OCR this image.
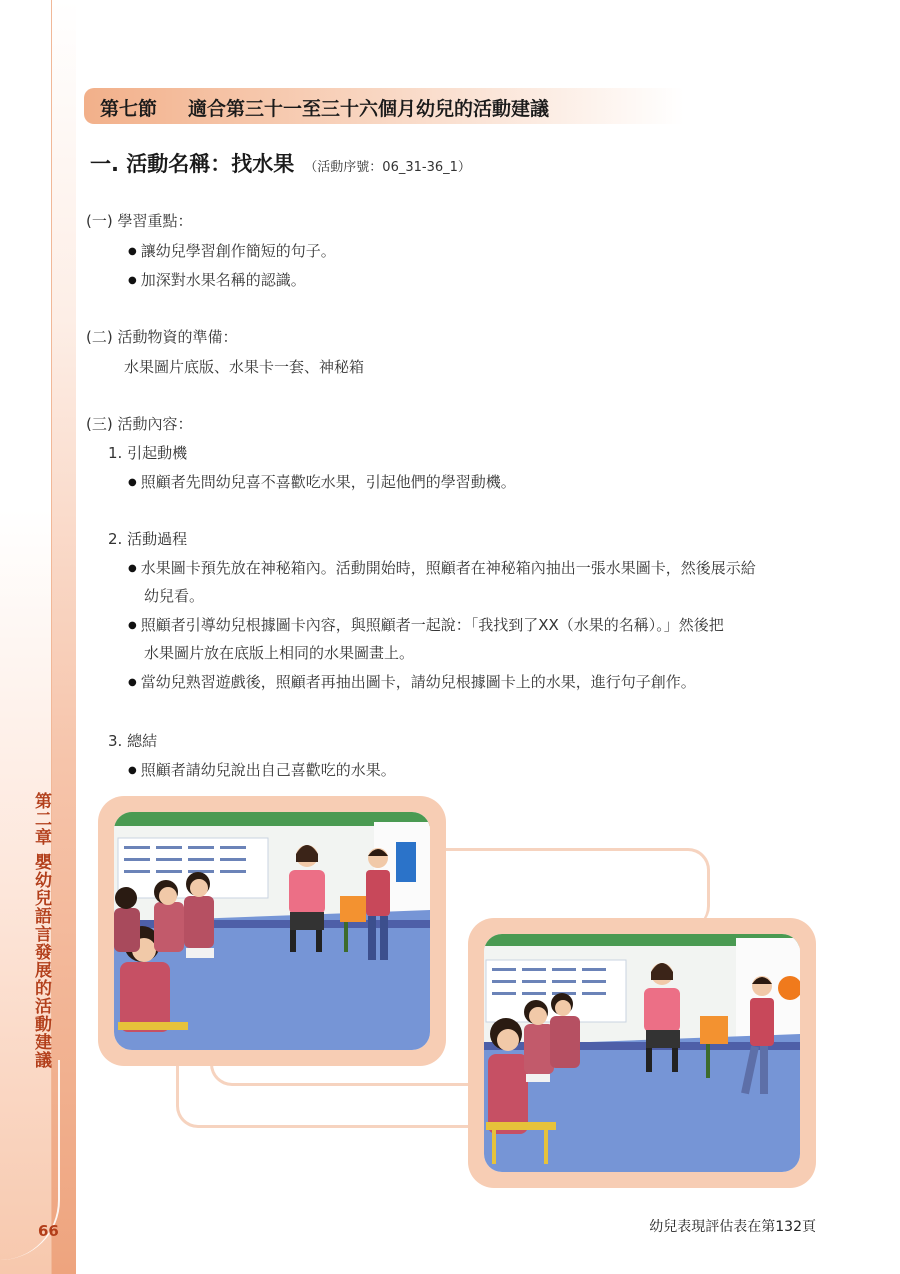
第二章 嬰幼兒語言發展的活動建議
66
第七節 適合第三十一至三十六個月幼兒的活動建議
一. 活動名稱：找水果 （活動序號：06_31-36_1）
(一) 學習重點：
● 讓幼兒學習創作簡短的句子。
● 加深對水果名稱的認識。
(二) 活動物資的準備：
水果圖片底版、水果卡一套、神秘箱
(三) 活動內容：
1. 引起動機
● 照顧者先問幼兒喜不喜歡吃水果，引起他們的學習動機。
2. 活動過程
● 水果圖卡預先放在神秘箱內。活動開始時，照顧者在神秘箱內抽出一張水果圖卡，然後展示給
幼兒看。
● 照顧者引導幼兒根據圖卡內容，與照顧者一起說：「我找到了XX（水果的名稱）。」然後把
水果圖片放在底版上相同的水果圖畫上。
● 當幼兒熟習遊戲後，照顧者再抽出圖卡，請幼兒根據圖卡上的水果，進行句子創作。
3. 總結
● 照顧者請幼兒說出自己喜歡吃的水果。
幼兒表現評估表在第132頁
